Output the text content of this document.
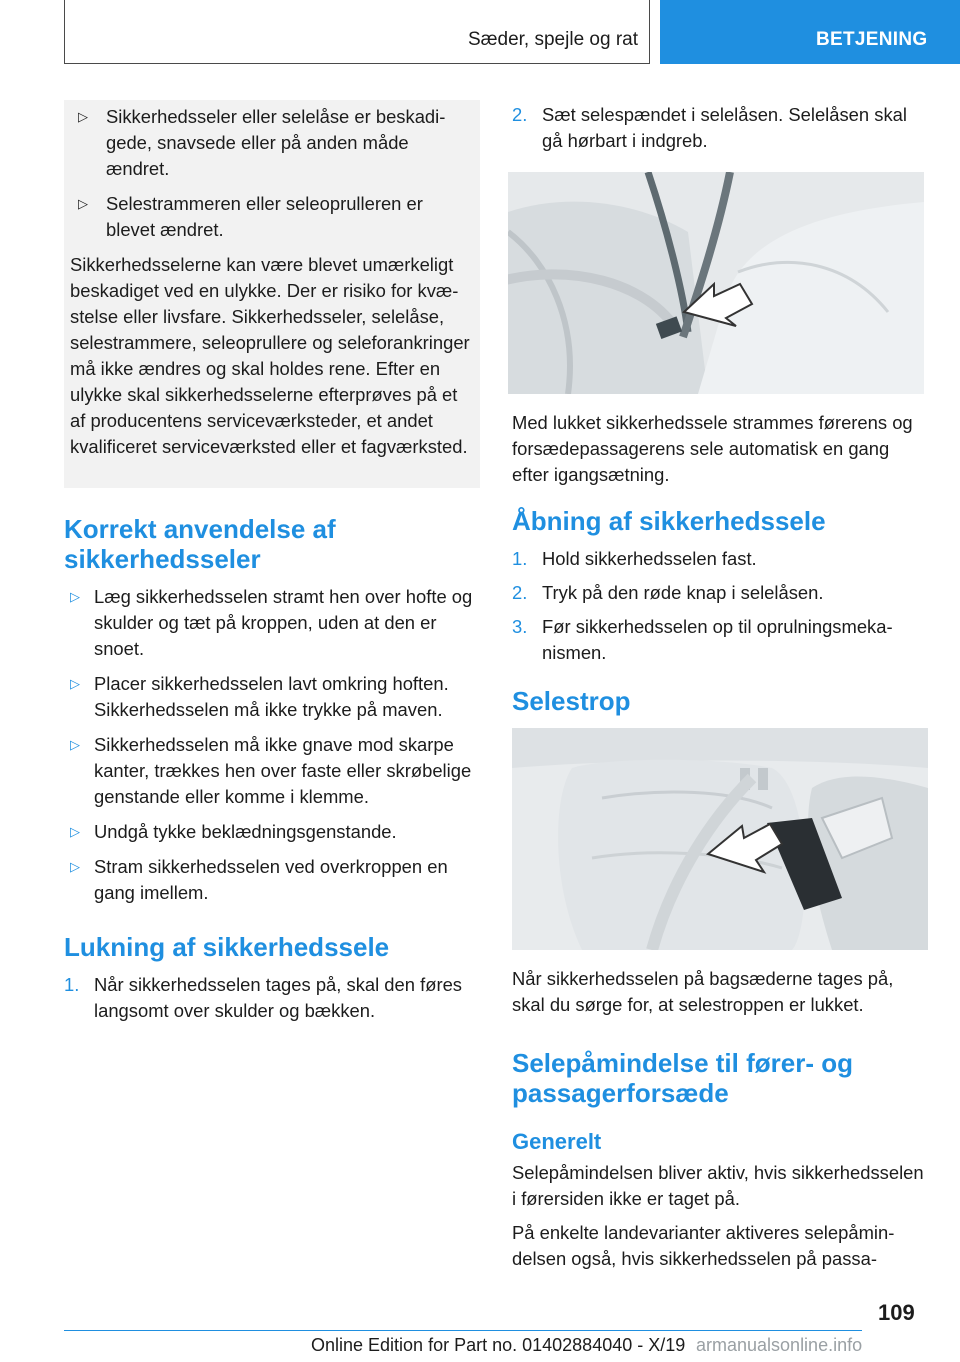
Sæder, spejle og rat	BETJENING
▷ Sikkerhedsseler eller selelåse er beskadigede, snavsede eller på anden måde ændret.
▷ Selestrammeren eller seleoprulleren er blevet ændret.

Sikkerhedsselerne kan være blevet umærkeligt beskadiget ved en ulykke. Der er risiko for kvæstelse eller livsfare. Sikkerhedsseler, selelåse, selestrammere, seleoprullere og seleforankringer må ikke ændres og skal holdes rene. Efter en ulykke skal sikkerhedsselerne efterprøves på et af producentens serviceværksteder, et andet kvalificeret serviceværksted eller et fagværksted.

Korrekt anvendelse af sikkerhedsseler
▷ Læg sikkerhedsselen stramt hen over hofte og skulder og tæt på kroppen, uden at den er snoet.
▷ Placer sikkerhedsselen lavt omkring hoften. Sikkerhedsselen må ikke trykke på maven.
▷ Sikkerhedsselen må ikke gnave mod skarpe kanter, trækkes hen over faste eller skrøbelige genstande eller komme i klemme.
▷ Undgå tykke beklædningsgenstande.
▷ Stram sikkerhedsselen ved overkroppen en gang imellem.
Lukning af sikkerhedssele
1. Når sikkerhedsselen tages på, skal den føres langsomt over skulder og bækken.
2. Sæt selespændet i selelåsen. Selelåsen skal gå hørbart i indgreb.

Med lukket sikkerhedssele strammes førerens og forsædepassagerens sele automatisk en gang efter igangsætning.

Åbning af sikkerhedssele
1. Hold sikkerhedsselen fast.
2. Tryk på den røde knap i selelåsen.
3. Før sikkerhedsselen op til oprulningsmekanismen.
Selestrop

Når sikkerhedsselen på bagsæderne tages på, skal du sørge for, at selestroppen er lukket.

Selepåmindelse til fører- og passagerforsæde
Generelt

Selepåmindelsen bliver aktiv, hvis sikkerhedsselen i førersiden ikke er taget på.

På enkelte landevarianter aktiveres selepåmindelsen også, hvis sikkerhedsselen på passa-

109
Online Edition for Part no. 01402884040 - X/19 armanualsonline.info
